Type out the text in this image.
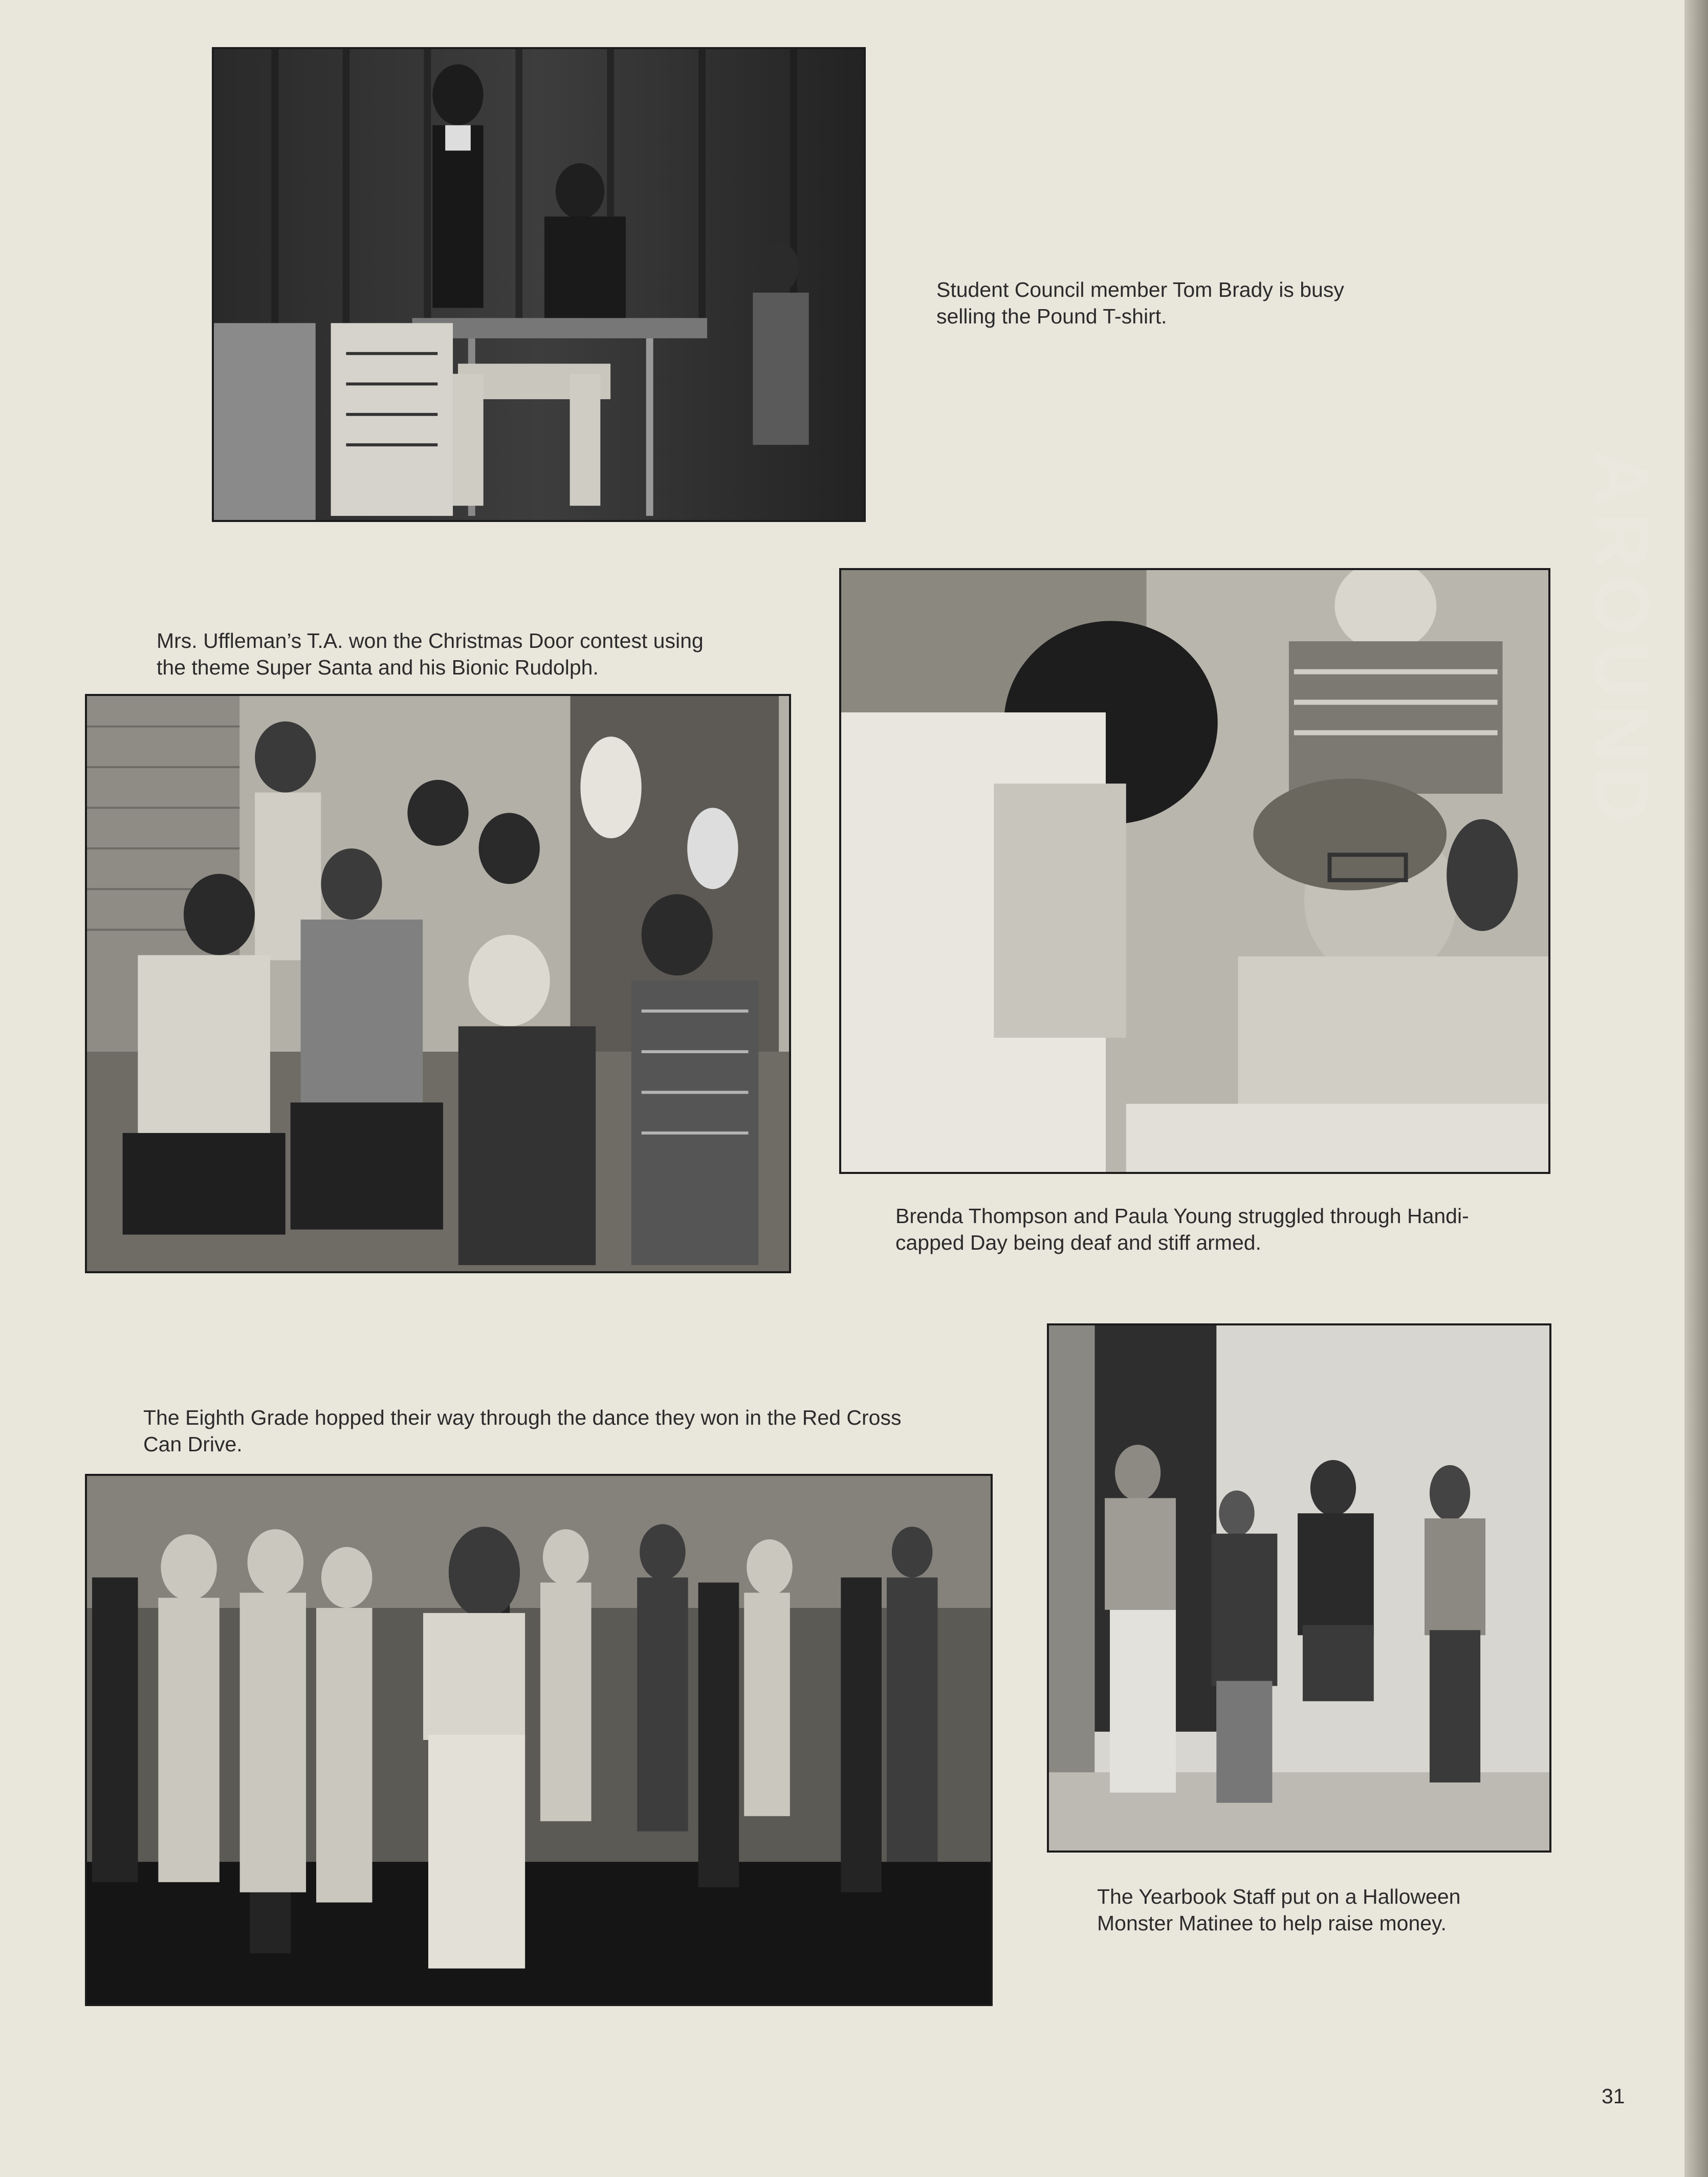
AROUND
Student Council member Tom Brady is busy
selling the Pound T-shirt.
Mrs. Uffleman’s T.A. won the Christmas Door contest using
the theme Super Santa and his Bionic Rudolph.
Brenda Thompson and Paula Young struggled through Handi-
capped Day being deaf and stiff armed.
The Eighth Grade hopped their way through the dance they won in the Red Cross
Can Drive.
The Yearbook Staff put on a Halloween
Monster Matinee to help raise money.
31
